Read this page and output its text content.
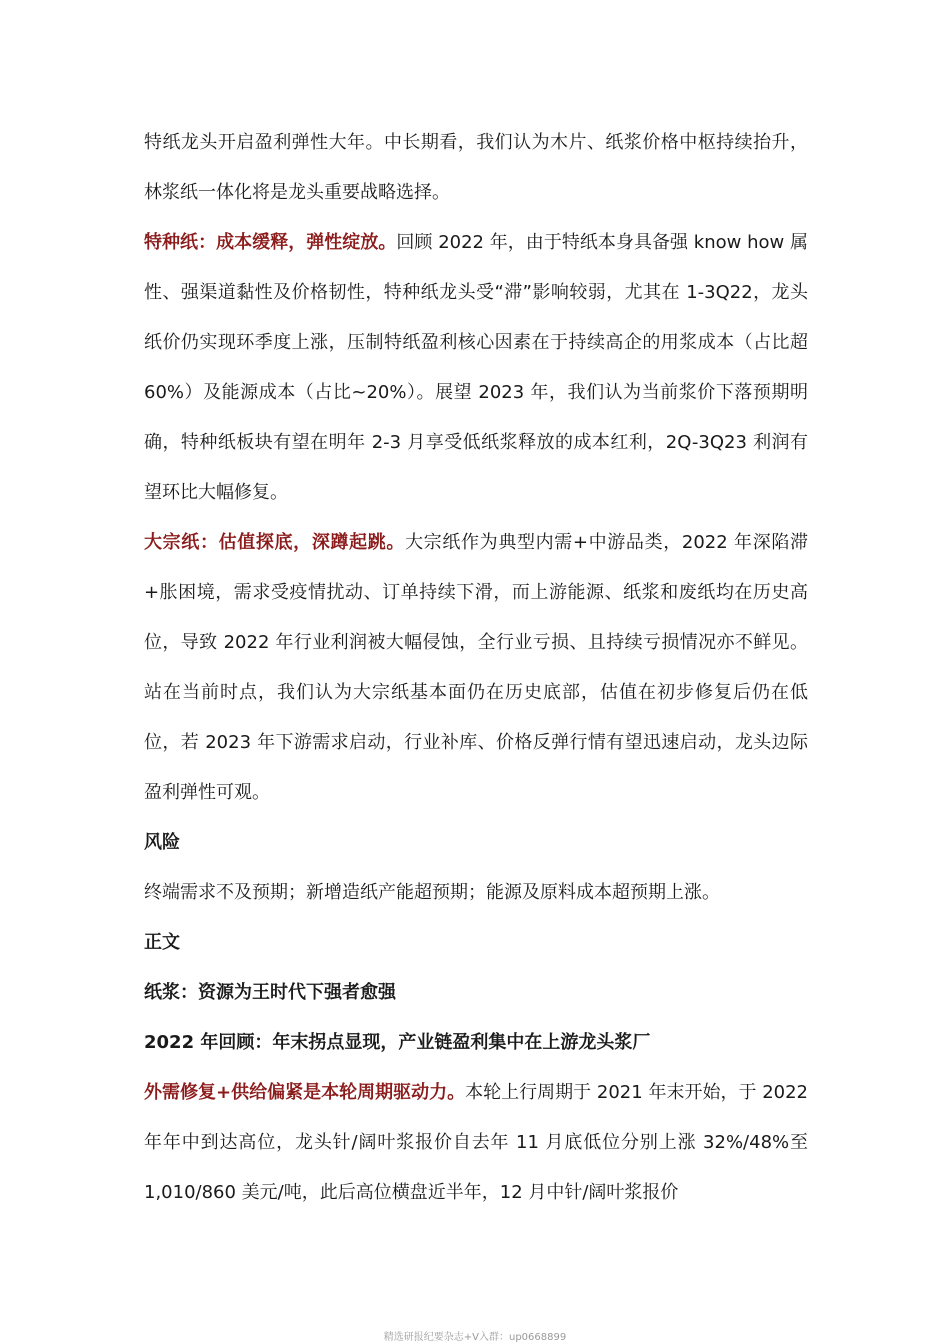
特纸龙头开启盈利弹性大年。中长期看，我们认为木片、纸浆价格中枢持续抬升，林浆纸一体化将是龙头重要战略选择。

特种纸：成本缓释，弹性绽放。回顾 2022 年，由于特纸本身具备强 know how 属性、强渠道黏性及价格韧性，特种纸龙头受“滞”影响较弱，尤其在 1-3Q22，龙头纸价仍实现环季度上涨，压制特纸盈利核心因素在于持续高企的用浆成本（占比超 60%）及能源成本（占比~20%）。展望 2023 年，我们认为当前浆价下落预期明确，特种纸板块有望在明年 2-3 月享受低纸浆释放的成本红利，2Q-3Q23 利润有望环比大幅修复。

大宗纸：估值探底，深蹲起跳。大宗纸作为典型内需+中游品类，2022 年深陷滞+胀困境，需求受疫情扰动、订单持续下滑，而上游能源、纸浆和废纸均在历史高位，导致 2022 年行业利润被大幅侵蚀，全行业亏损、且持续亏损情况亦不鲜见。站在当前时点，我们认为大宗纸基本面仍在历史底部，估值在初步修复后仍在低位，若 2023 年下游需求启动，行业补库、价格反弹行情有望迅速启动，龙头边际盈利弹性可观。

风险

终端需求不及预期；新增造纸产能超预期；能源及原料成本超预期上涨。

正文

纸浆：资源为王时代下强者愈强

2022 年回顾：年末拐点显现，产业链盈利集中在上游龙头浆厂

外需修复+供给偏紧是本轮周期驱动力。本轮上行周期于 2021 年末开始，于 2022 年年中到达高位，龙头针/阔叶浆报价自去年 11 月底低位分别上涨 32%/48%至 1,010/860 美元/吨，此后高位横盘近半年，12 月中针/阔叶浆报价

精选研报纪要杂志+V入群：up0668899
